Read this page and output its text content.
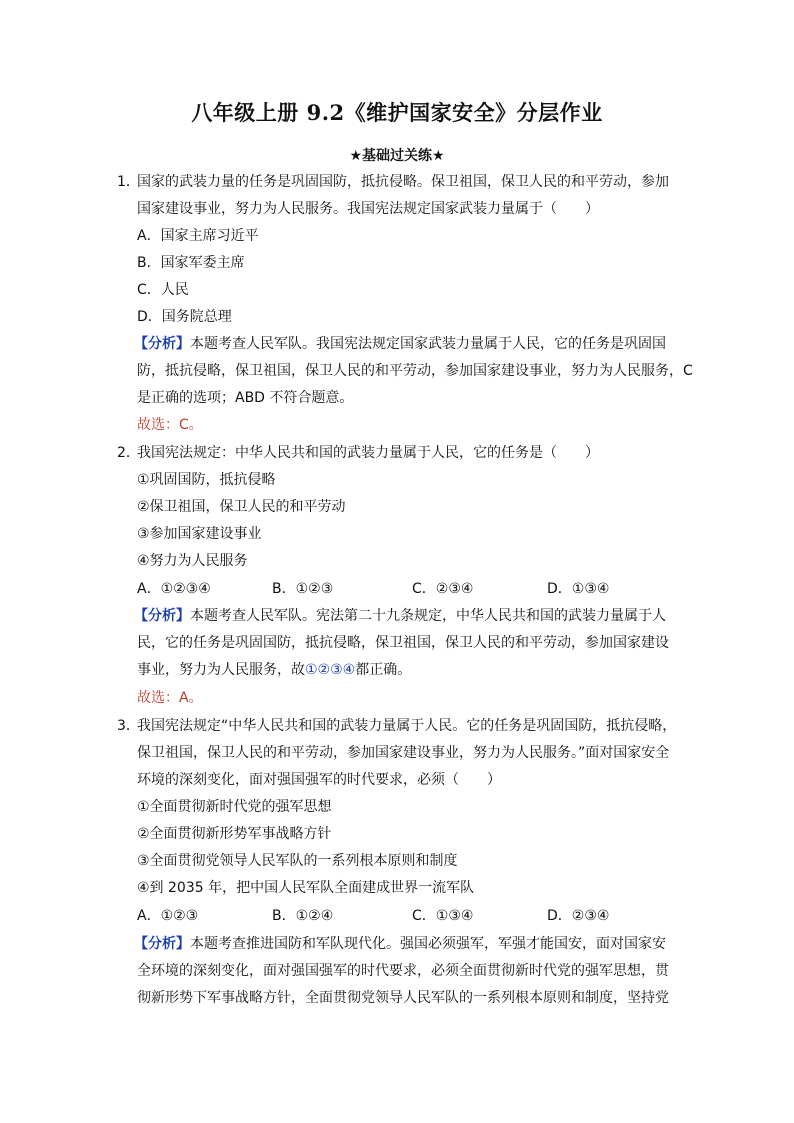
八年级上册 9.2《维护国家安全》分层作业
★基础过关练★
1．
国家的武装力量的任务是巩固国防，抵抗侵略。保卫祖国，保卫人民的和平劳动，参加
国家建设事业，努力为人民服务。我国宪法规定国家武装力量属于（　　）
A．国家主席习近平
B．国家军委主席
C．人民
D．国务院总理
【分析】本题考查人民军队。我国宪法规定国家武装力量属于人民，它的任务是巩固国
防，抵抗侵略，保卫祖国，保卫人民的和平劳动，参加国家建设事业，努力为人民服务，C
是正确的选项；ABD 不符合题意。
故选：C。
2．
我国宪法规定：中华人民共和国的武装力量属于人民，它的任务是（　　）
①巩固国防，抵抗侵略
②保卫祖国，保卫人民的和平劳动
③参加国家建设事业
④努力为人民服务
A．①②③④	B．①②③	C．②③④	D．①③④
【分析】本题考查人民军队。宪法第二十九条规定，中华人民共和国的武装力量属于人
民，它的任务是巩固国防，抵抗侵略，保卫祖国，保卫人民的和平劳动，参加国家建设
事业，努力为人民服务，故①②③④都正确。
故选：A。
3．
我国宪法规定“中华人民共和国的武装力量属于人民。它的任务是巩固国防，抵抗侵略，
保卫祖国，保卫人民的和平劳动，参加国家建设事业，努力为人民服务。”面对国家安全
环境的深刻变化，面对强国强军的时代要求，必须（　　）
①全面贯彻新时代党的强军思想
②全面贯彻新形势军事战略方针
③全面贯彻党领导人民军队的一系列根本原则和制度
④到 2035 年，把中国人民军队全面建成世界一流军队
A．①②③	B．①②④	C．①③④	D．②③④
【分析】本题考查推进国防和军队现代化。强国必须强军，军强才能国安，面对国家安
全环境的深刻变化，面对强国强军的时代要求，必须全面贯彻新时代党的强军思想，贯
彻新形势下军事战略方针，全面贯彻党领导人民军队的一系列根本原则和制度，坚持党
